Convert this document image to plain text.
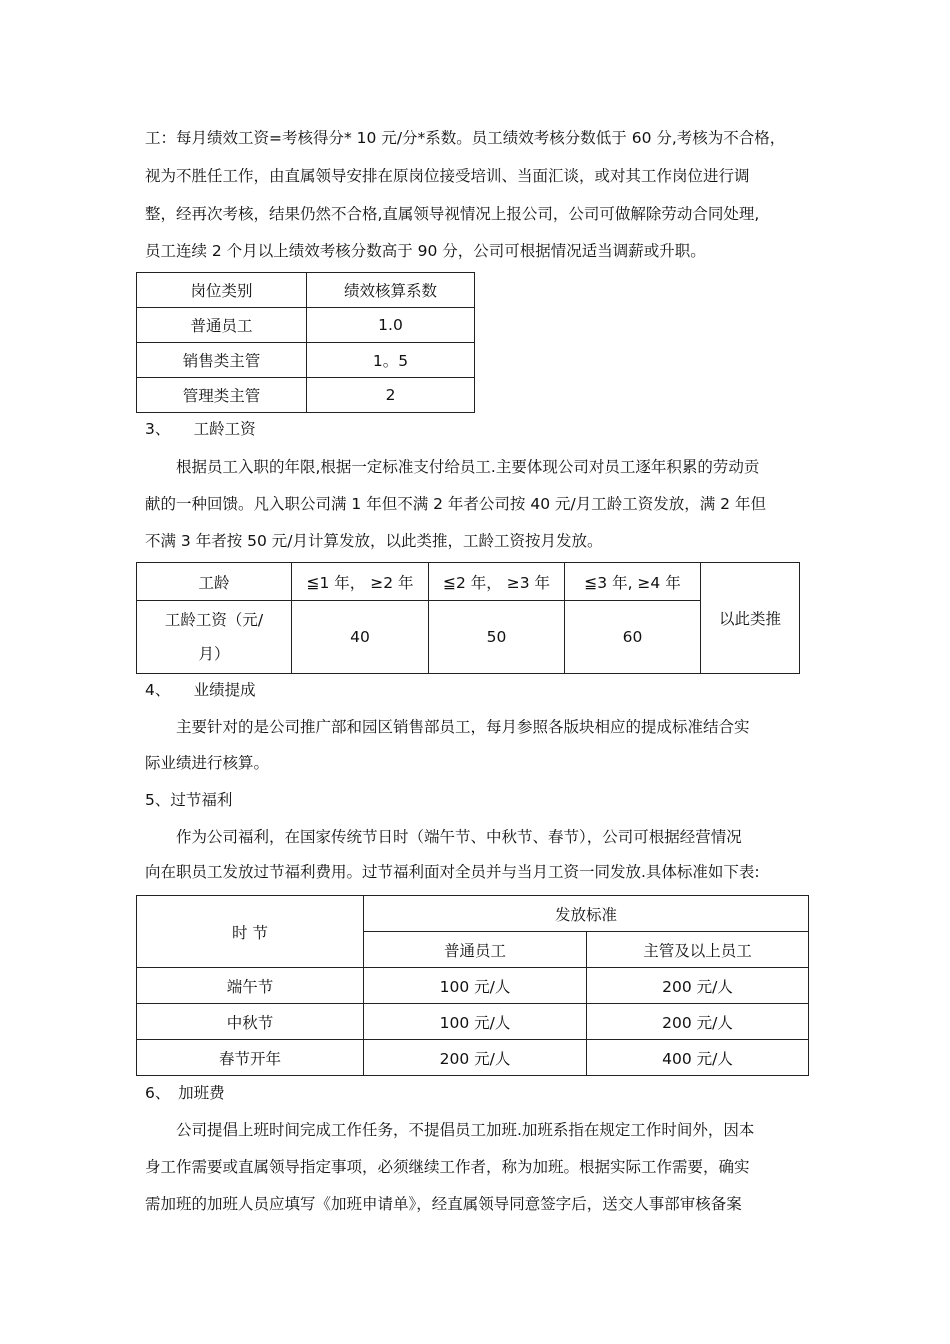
工：每月绩效工资=考核得分* 10 元/分*系数。员工绩效考核分数低于 60 分,考核为不合格，
视为不胜任工作，由直属领导安排在原岗位接受培训、当面汇谈，或对其工作岗位进行调
整，经再次考核，结果仍然不合格,直属领导视情况上报公司，公司可做解除劳动合同处理,
员工连续 2 个月以上绩效考核分数高于 90 分，公司可根据情况适当调薪或升职。
岗位类别	绩效核算系数
普通员工	1.0
销售类主管	1。5
管理类主管	2
3、　　工龄工资
根据员工入职的年限,根据一定标准支付给员工.主要体现公司对员工逐年积累的劳动贡
献的一种回馈。凡入职公司满 1 年但不满 2 年者公司按 40 元/月工龄工资发放，满 2 年但
不满 3 年者按 50 元/月计算发放，以此类推，工龄工资按月发放。
工龄	≦1 年， ≥2 年	≦2 年， ≥3 年	≦3 年, ≥4 年	以此类推

工龄工资（元/
月）	40	50	60	
4、　　业绩提成
主要针对的是公司推广部和园区销售部员工，每月参照各版块相应的提成标准结合实
际业绩进行核算。
5、过节福利
作为公司福利，在国家传统节日时（端午节、中秋节、春节），公司可根据经营情况
向在职员工发放过节福利费用。过节福利面对全员并与当月工资一同发放.具体标准如下表:
时 节	发放标准	
	普通员工	主管及以上员工
端午节	100 元/人	200 元/人
中秋节	100 元/人	200 元/人
春节开年	200 元/人	400 元/人
6、　加班费
公司提倡上班时间完成工作任务，不提倡员工加班.加班系指在规定工作时间外，因本
身工作需要或直属领导指定事项，必须继续工作者，称为加班。根据实际工作需要，确实
需加班的加班人员应填写《加班申请单》，经直属领导同意签字后，送交人事部审核备案
